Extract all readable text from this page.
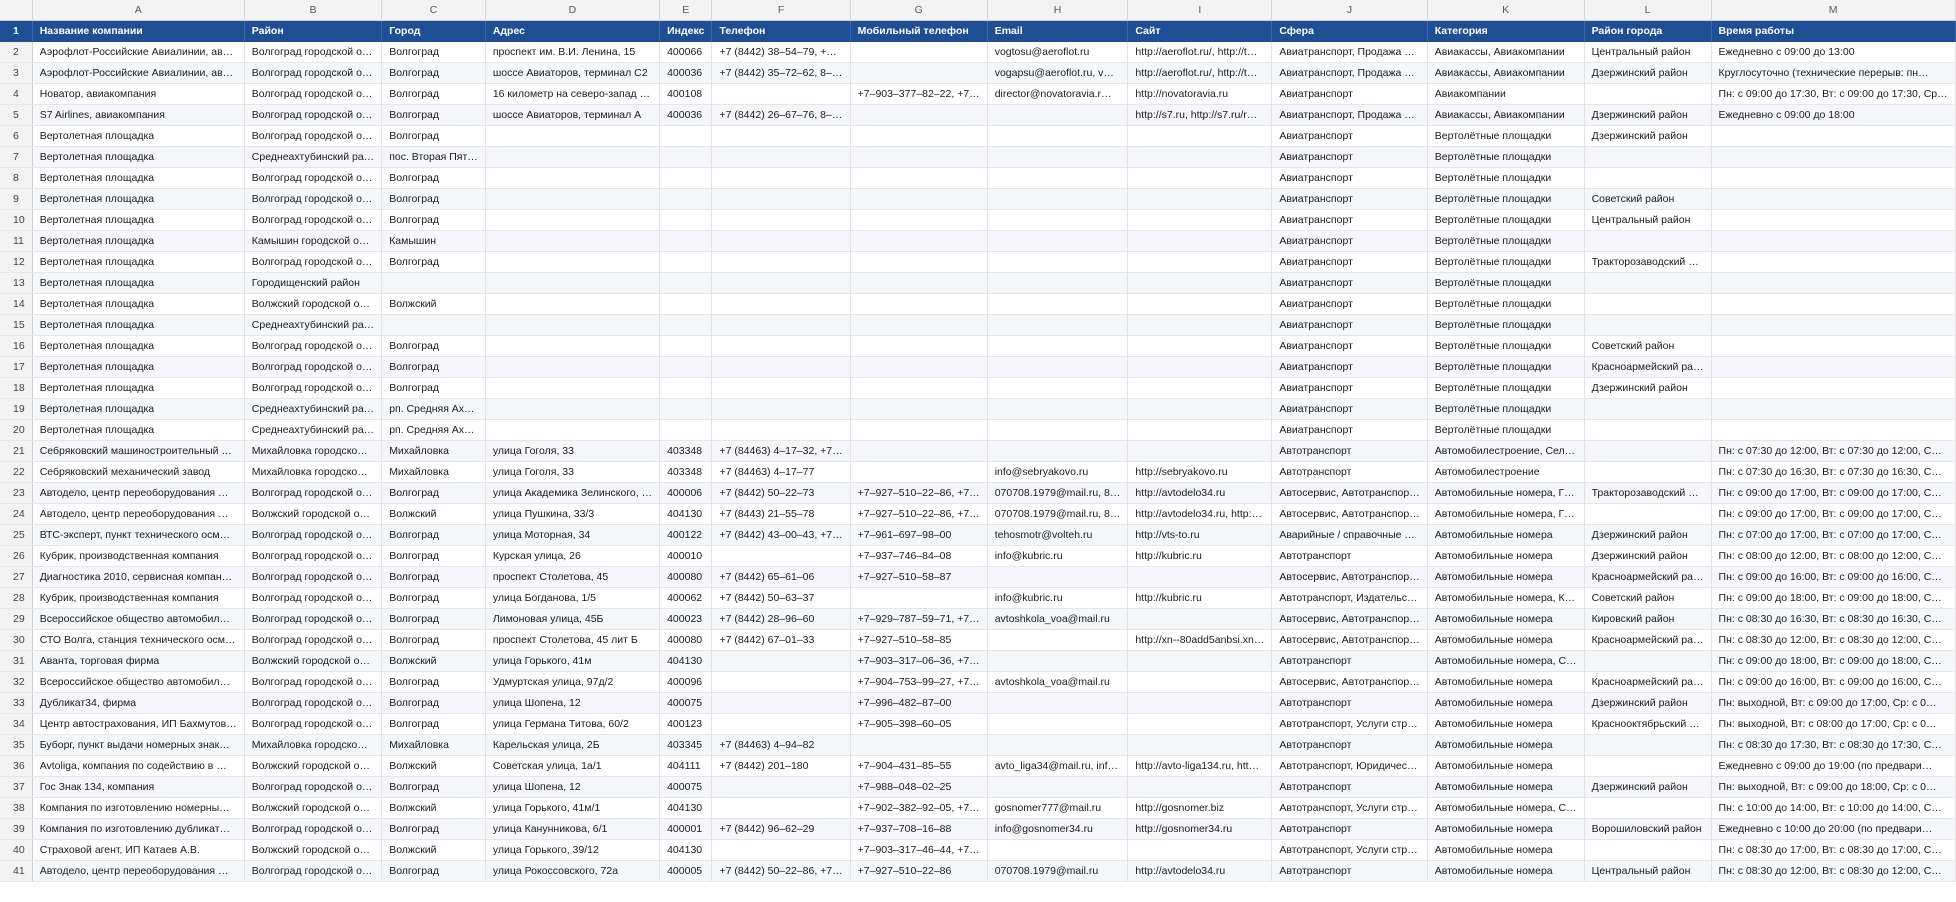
	A	B	C	D	E	F	G	H	I	J	K	L	M
1	Название компании	Район	Город	Адрес	Индекс	Телефон	Мобильный телефон	Email	Сайт	Сфера	Категория	Район города	Время работы
2	Аэрофлот-Российские Авиалинии, ав…	Волгоград городской о…	Волгоград	проспект им. В.И. Ленина, 15	400066	+7 (8442) 38–54–79, +…		vogtosu@aeroflot.ru	http://aeroflot.ru/, http://t…	Авиатранспорт, Продажа …	Авиакассы, Авиакомпании	Центральный район	Ежедневно с 09:00 до 13:00
3	Аэрофлот-Российские Авиалинии, ав…	Волгоград городской о…	Волгоград	шоссе Авиаторов, терминал С2	400036	+7 (8442) 35–72–62, 8–…		vogapsu@aeroflot.ru, v…	http://aeroflot.ru/, http://t…	Авиатранспорт, Продажа …	Авиакассы, Авиакомпании	Дзержинский район	Круглосуточно (технические перерыв: пн…
4	Новатор, авиакомпания	Волгоград городской о…	Волгоград	16 километр на северо-запад …	400108		+7–903–377–82–22, +7…	director@novatoravia.r…	http://novatoravia.ru	Авиатранспорт	Авиакомпании		Пн: с 09:00 до 17:30, Вт: с 09:00 до 17:30, Ср…
5	S7 Airlines, авиакомпания	Волгоград городской о…	Волгоград	шоссе Авиаторов, терминал А	400036	+7 (8442) 26–67–76, 8–…			http://s7.ru, http://s7.ru/r…	Авиатранспорт, Продажа …	Авиакассы, Авиакомпании	Дзержинский район	Ежедневно с 09:00 до 18:00
6	Вертолетная площадка	Волгоград городской о…	Волгоград							Авиатранспорт	Вертолётные площадки	Дзержинский район	
7	Вертолетная площадка	Среднеахтубинский ра…	пос. Вторая Пят…							Авиатранспорт	Вертолётные площадки		
8	Вертолетная площадка	Волгоград городской о…	Волгоград							Авиатранспорт	Вертолётные площадки		
9	Вертолетная площадка	Волгоград городской о…	Волгоград							Авиатранспорт	Вертолётные площадки	Советский район	
10	Вертолетная площадка	Волгоград городской о…	Волгоград							Авиатранспорт	Вертолётные площадки	Центральный район	
11	Вертолетная площадка	Камышин городской о…	Камышин							Авиатранспорт	Вертолётные площадки		
12	Вертолетная площадка	Волгоград городской о…	Волгоград							Авиатранспорт	Вертолётные площадки	Тракторозаводский …	
13	Вертолетная площадка	Городищенский район								Авиатранспорт	Вертолётные площадки		
14	Вертолетная площадка	Волжский городской о…	Волжский							Авиатранспорт	Вертолётные площадки		
15	Вертолетная площадка	Среднеахтубинский ра…								Авиатранспорт	Вертолётные площадки		
16	Вертолетная площадка	Волгоград городской о…	Волгоград							Авиатранспорт	Вертолётные площадки	Советский район	
17	Вертолетная площадка	Волгоград городской о…	Волгоград							Авиатранспорт	Вертолётные площадки	Красноармейский ра…	
18	Вертолетная площадка	Волгоград городской о…	Волгоград							Авиатранспорт	Вертолётные площадки	Дзержинский район	
19	Вертолетная площадка	Среднеахтубинский ра…	рп. Средняя Ах…							Авиатранспорт	Вертолётные площадки		
20	Вертолетная площадка	Среднеахтубинский ра…	рп. Средняя Ах…							Авиатранспорт	Вертолётные площадки		
21	Себряковский машиностроительный …	Михайловка городско…	Михайловка	улица Гоголя, 33	403348	+7 (84463) 4–17–32, +7…				Автотранспорт	Автомобилестроение, Сел…		Пн: с 07:30 до 12:00, Вт: с 07:30 до 12:00, С…
22	Себряковский механический завод	Михайловка городско…	Михайловка	улица Гоголя, 33	403348	+7 (84463) 4–17–77		info@sebryakovo.ru	http://sebryakovo.ru	Автотранспорт	Автомобилестроение		Пн: с 07:30 до 16:30, Вт: с 07:30 до 16:30, С…
23	Автодело, центр переоборудования …	Волгоград городской о…	Волгоград	улица Академика Зелинского, …	400006	+7 (8442) 50–22–73	+7–927–510–22–86, +7…	070708.1979@mail.ru, 8…	http://avtodelo34.ru	Автосервис, Автотранспор…	Автомобильные номера, Г…	Тракторозаводский …	Пн: с 09:00 до 17:00, Вт: с 09:00 до 17:00, С…
24	Автодело, центр переоборудования …	Волжский городской о…	Волжский	улица Пушкина, 33/3	404130	+7 (8443) 21–55–78	+7–927–510–22–86, +7…	070708.1979@mail.ru, 8…	http://avtodelo34.ru, http:…	Автосервис, Автотранспор…	Автомобильные номера, Г…		Пн: с 09:00 до 17:00, Вт: с 09:00 до 17:00, С…
25	ВТС-эксперт, пункт технического осм…	Волгоград городской о…	Волгоград	улица Моторная, 34	400122	+7 (8442) 43–00–43, +7…	+7–961–697–98–00	tehosmotr@volteh.ru	http://vts-to.ru	Аварийные / справочные …	Автомобильные номера	Дзержинский район	Пн: с 07:00 до 17:00, Вт: с 07:00 до 17:00, С…
26	Кубрик, производственная компания	Волгоград городской о…	Волгоград	Курская улица, 26	400010		+7–937–746–84–08	info@kubric.ru	http://kubric.ru	Автотранспорт	Автомобильные номера	Дзержинский район	Пн: с 08:00 до 12:00, Вт: с 08:00 до 12:00, С…
27	Диагностика 2010, сервисная компан…	Волгоград городской о…	Волгоград	проспект Столетова, 45	400080	+7 (8442) 65–61–06	+7–927–510–58–87			Автосервис, Автотранспор…	Автомобильные номера	Красноармейский ра…	Пн: с 09:00 до 16:00, Вт: с 09:00 до 16:00, С…
28	Кубрик, производственная компания	Волгоград городской о…	Волгоград	улица Богданова, 1/5	400062	+7 (8442) 50–63–37		info@kubric.ru	http://kubric.ru	Автотранспорт, Издательс…	Автомобильные номера, К…	Советский район	Пн: с 09:00 до 18:00, Вт: с 09:00 до 18:00, С…
29	Всероссийское общество автомобил…	Волгоград городской о…	Волгоград	Лимоновая улица, 45Б	400023	+7 (8442) 28–96–60	+7–929–787–59–71, +7…	avtoshkola_voa@mail.ru		Автосервис, Автотранспор…	Автомобильные номера	Кировский район	Пн: с 08:30 до 16:30, Вт: с 08:30 до 16:30, С…
30	СТО Волга, станция технического осм…	Волгоград городской о…	Волгоград	проспект Столетова, 45 лит Б	400080	+7 (8442) 67–01–33	+7–927–510–58–85		http://xn--80add5anbsi.xn…	Автосервис, Автотранспор…	Автомобильные номера	Красноармейский ра…	Пн: с 08:30 до 12:00, Вт: с 08:30 до 12:00, С…
31	Аванта, торговая фирма	Волжский городской о…	Волжский	улица Горького, 41м	404130		+7–903–317–06–36, +7…			Автотранспорт	Автомобильные номера, С…		Пн: с 09:00 до 18:00, Вт: с 09:00 до 18:00, С…
32	Всероссийское общество автомобил…	Волгоград городской о…	Волгоград	Удмуртская улица, 97д/2	400096		+7–904–753–99–27, +7…	avtoshkola_voa@mail.ru		Автосервис, Автотранспор…	Автомобильные номера	Красноармейский ра…	Пн: с 09:00 до 16:00, Вт: с 09:00 до 16:00, С…
33	Дубликат34, фирма	Волгоград городской о…	Волгоград	улица Шопена, 12	400075		+7–996–482–87–00			Автотранспорт	Автомобильные номера	Дзержинский район	Пн: выходной, Вт: с 09:00 до 17:00, Ср: с 0…
34	Центр автострахования, ИП Бахмутов…	Волгоград городской о…	Волгоград	улица Германа Титова, 60/2	400123		+7–905–398–60–05			Автотранспорт, Услуги стр…	Автомобильные номера	Краснооктябрьский …	Пн: выходной, Вт: с 08:00 до 17:00, Ср: с 0…
35	Буборг, пункт выдачи номерных знак…	Михайловка городско…	Михайловка	Карельская улица, 2Б	403345	+7 (84463) 4–94–82				Автотранспорт	Автомобильные номера		Пн: с 08:30 до 17:30, Вт: с 08:30 до 17:30, С…
36	Avtoliga, компания по содействию в …	Волжский городской о…	Волжский	Советская улица, 1а/1	404111	+7 (8442) 201–180	+7–904–431–85–55	avto_liga34@mail.ru, inf…	http://avto-liga134.ru, htt…	Автотранспорт, Юридичес…	Автомобильные номера		Ежедневно с 09:00 до 19:00 (по предвари…
37	Гос Знак 134, компания	Волгоград городской о…	Волгоград	улица Шопена, 12	400075		+7–988–048–02–25			Автотранспорт	Автомобильные номера	Дзержинский район	Пн: выходной, Вт: с 09:00 до 18:00, Ср: с 0…
38	Компания по изготовлению номерны…	Волжский городской о…	Волжский	улица Горького, 41м/1	404130		+7–902–382–92–05, +7…	gosnomer777@mail.ru	http://gosnomer.biz	Автотранспорт, Услуги стр…	Автомобильные номера, С…		Пн: с 10:00 до 14:00, Вт: с 10:00 до 14:00, С…
39	Компания по изготовлению дубликат…	Волгоград городской о…	Волгоград	улица Канунникова, 6/1	400001	+7 (8442) 96–62–29	+7–937–708–16–88	info@gosnomer34.ru	http://gosnomer34.ru	Автотранспорт	Автомобильные номера	Ворошиловский район	Ежедневно с 10:00 до 20:00 (по предвари…
40	Страховой агент, ИП Катаев А.В.	Волжский городской о…	Волжский	улица Горького, 39/12	404130		+7–903–317–46–44, +7…			Автотранспорт, Услуги стр…	Автомобильные номера		Пн: с 08:30 до 17:00, Вт: с 08:30 до 17:00, С…
41	Автодело, центр переоборудования …	Волгоград городской о…	Волгоград	улица Рокоссовского, 72а	400005	+7 (8442) 50–22–86, +7…	+7–927–510–22–86	070708.1979@mail.ru	http://avtodelo34.ru	Автотранспорт	Автомобильные номера	Центральный район	Пн: с 08:30 до 12:00, Вт: с 08:30 до 12:00, С…
